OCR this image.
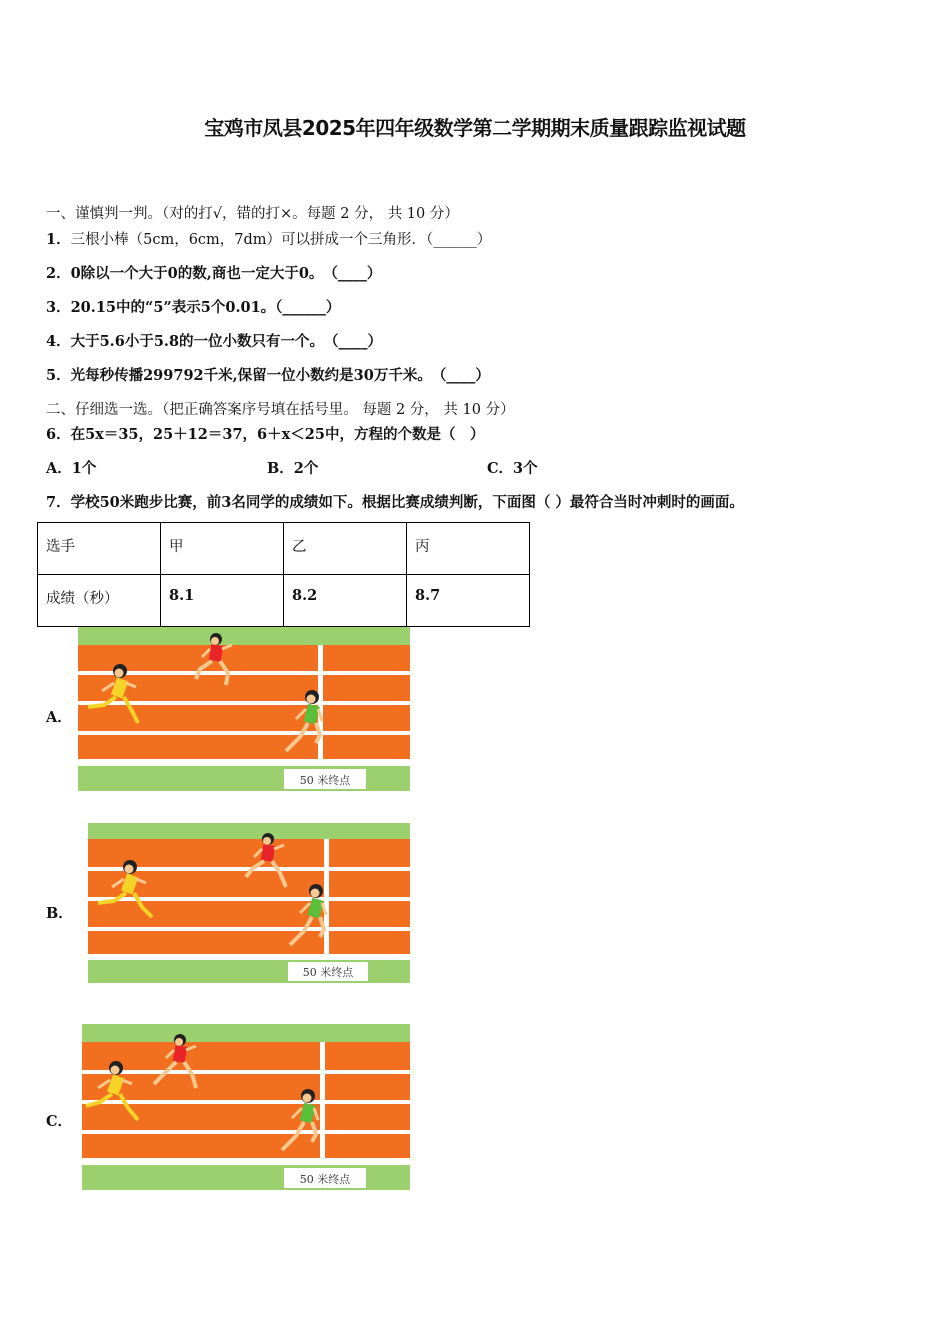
宝鸡市凤县2025年四年级数学第二学期期末质量跟踪监视试题
一、谨慎判一判。（对的打√，错的打×。每题 2 分， 共 10 分）
1．三根小棒（5cm，6cm，7dm）可以拼成一个三角形．（______）
2．0除以一个大于0的数,商也一定大于0。　（____）
3．20.15中的“5”表示5个0.01。（______）
4．大于5.6小于5.8的一位小数只有一个。　（____）
5．光每秒传播299792千米,保留一位小数约是30万千米。　（____）
二、仔细选一选。（把正确答案序号填在括号里。 每题 2 分， 共 10 分）
6．在5x＝35，25＋12＝37，6＋x＜25中，方程的个数是（　）
A．1个	B．2个	C．3个
7．学校50米跑步比赛，前3名同学的成绩如下。根据比赛成绩判断，下面图（ ）最符合当时冲刺时的画面。
选手	甲	乙	丙
成绩（秒）	8.1	8.2	8.7
A．
B．
C．
50 米终点
50 米终点
50 米终点
